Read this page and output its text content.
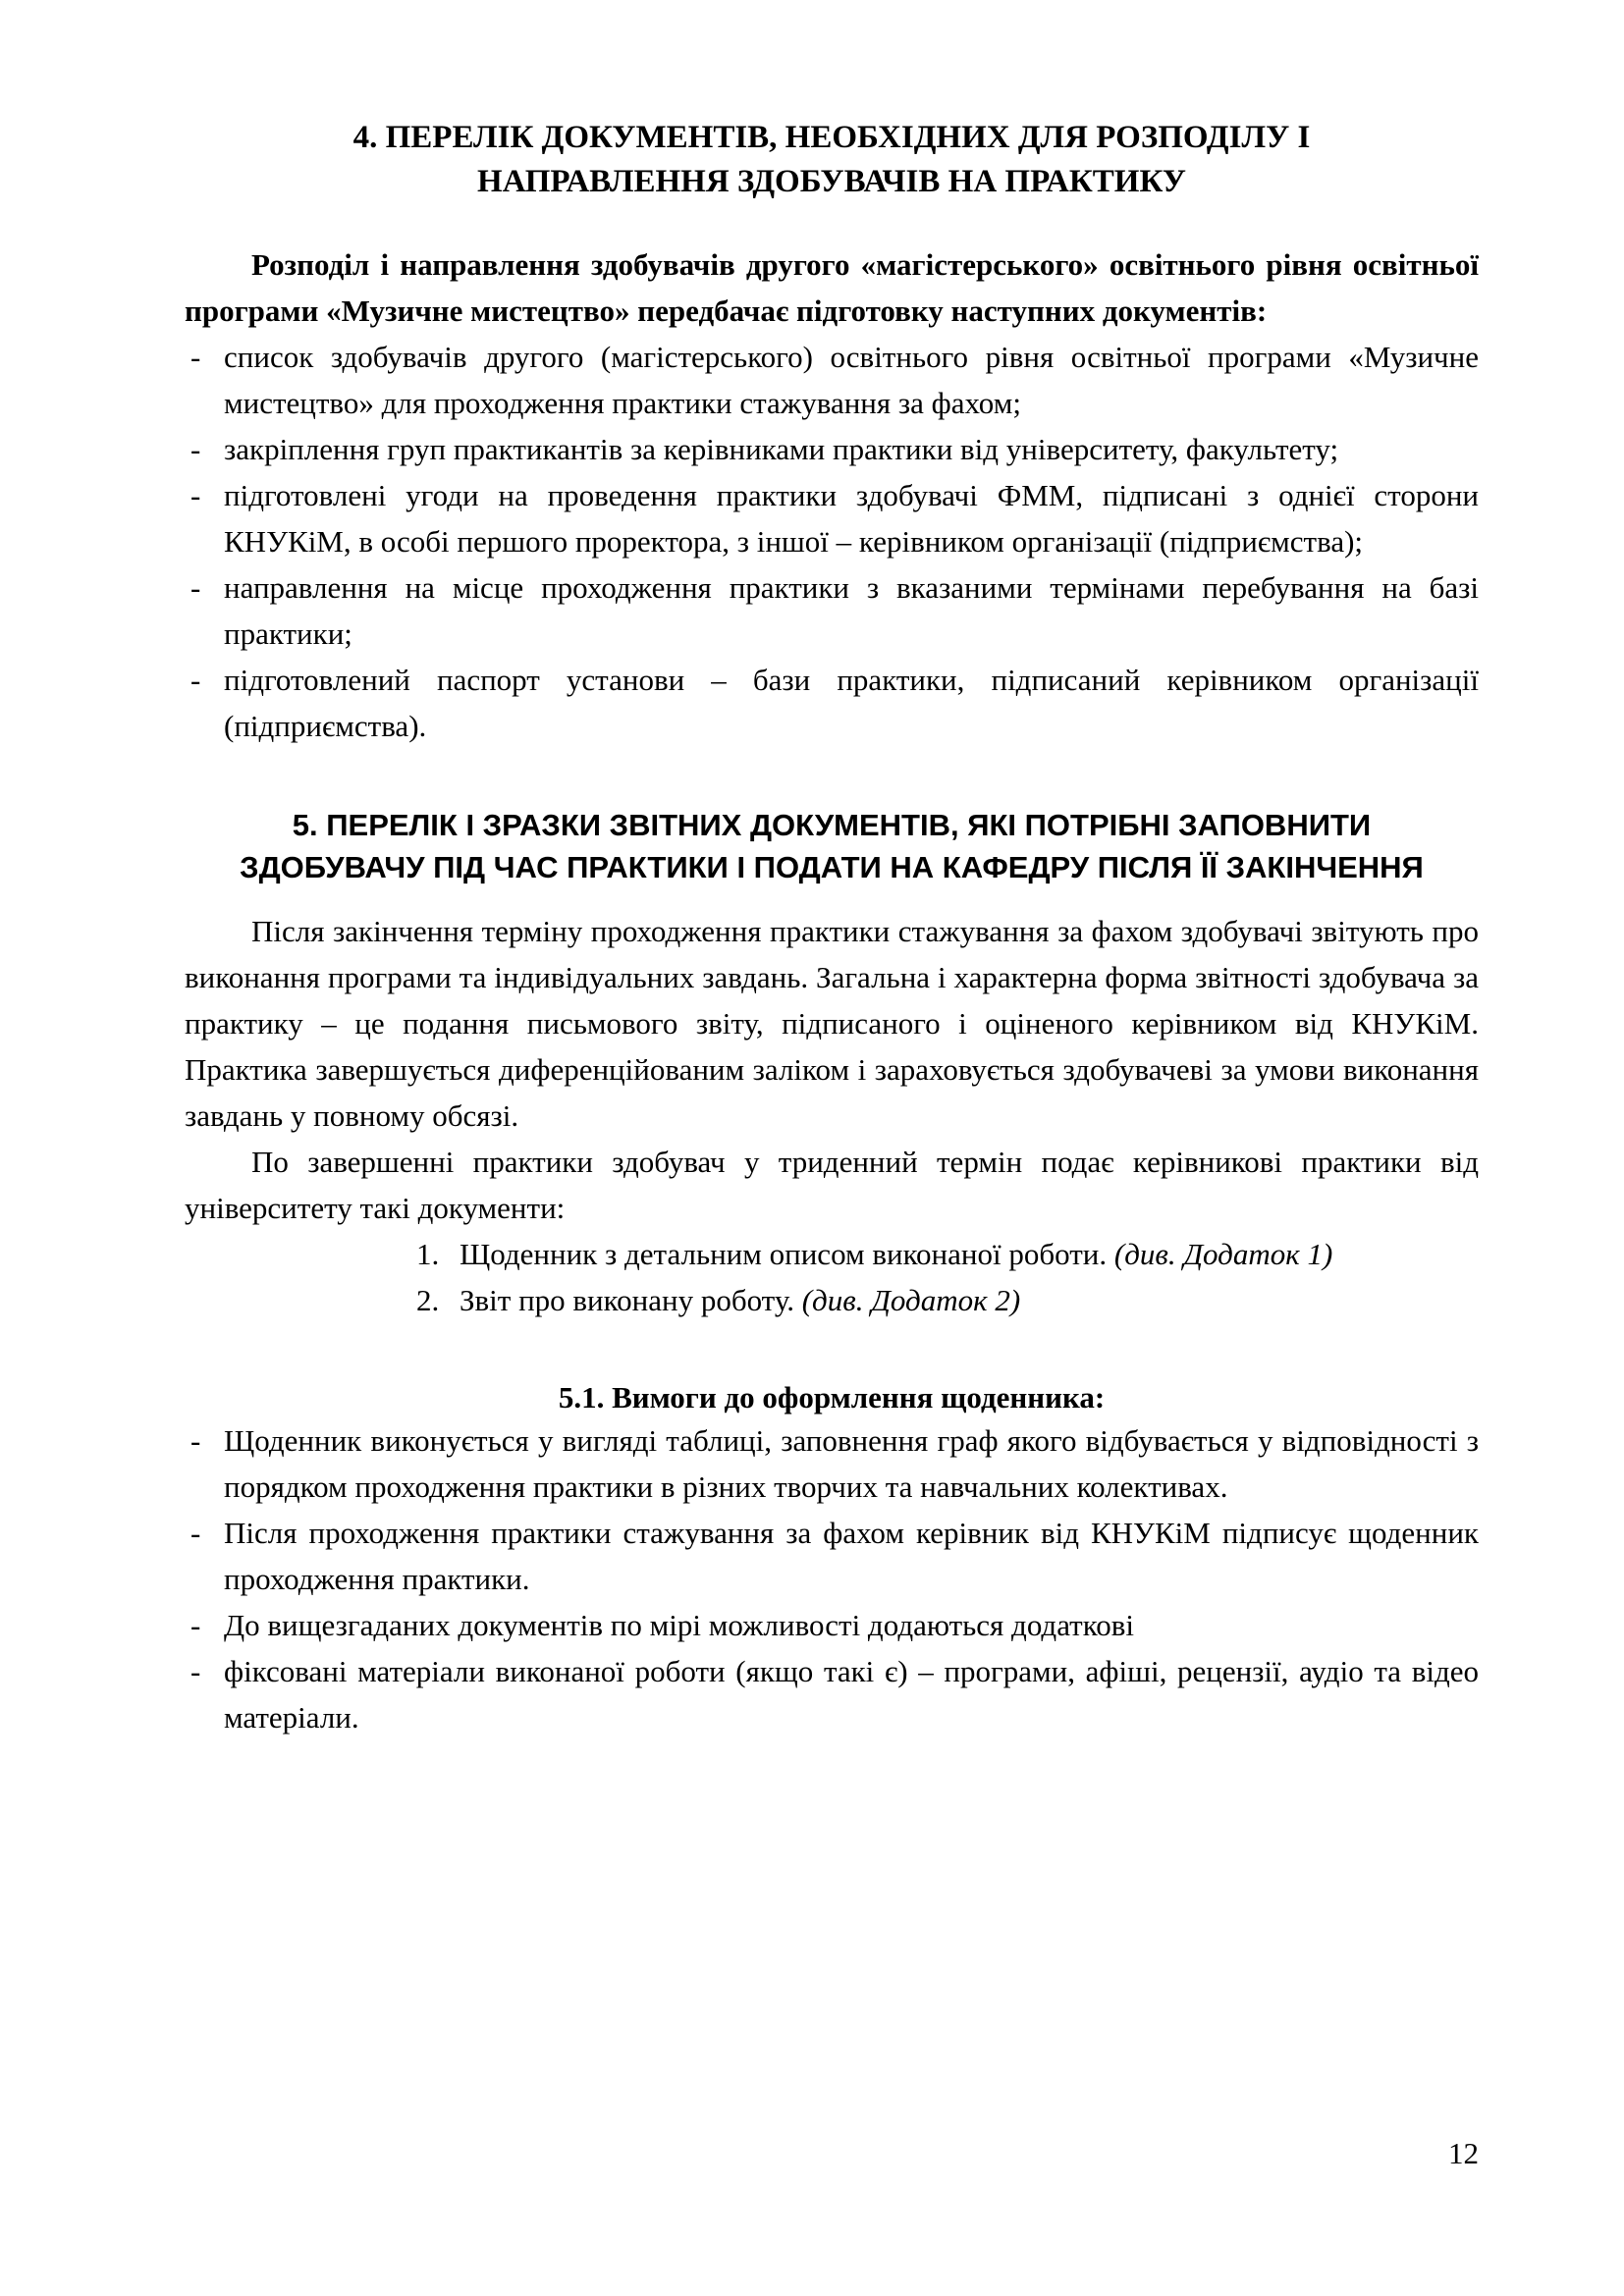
4. ПЕРЕЛІК ДОКУМЕНТІВ, НЕОБХІДНИХ ДЛЯ РОЗПОДІЛУ І НАПРАВЛЕННЯ ЗДОБУВАЧІВ НА ПРАКТИКУ

Розподіл і направлення здобувачів другого «магістерського» освітнього рівня освітньої програми «Музичне мистецтво» передбачає підготовку наступних документів:

- список здобувачів другого (магістерського) освітнього рівня освітньої програми «Музичне мистецтво» для проходження практики стажування за фахом;
- закріплення груп практикантів за керівниками практики від університету, факультету;
- підготовлені угоди на проведення практики здобувачі ФММ, підписані з однієї сторони КНУКіМ, в особі першого проректора, з іншої – керівником організації (підприємства);
- направлення на місце проходження практики з вказаними термінами перебування на базі практики;
- підготовлений паспорт установи – бази практики, підписаний керівником організації (підприємства).
5. ПЕРЕЛІК І ЗРАЗКИ ЗВІТНИХ ДОКУМЕНТІВ, ЯКІ ПОТРІБНІ ЗАПОВНИТИ ЗДОБУВАЧУ ПІД ЧАС ПРАКТИКИ І ПОДАТИ НА КАФЕДРУ ПІСЛЯ ЇЇ ЗАКІНЧЕННЯ

Після закінчення терміну проходження практики стажування за фахом здобувачі звітують про виконання програми та індивідуальних завдань. Загальна і характерна форма звітності здобувача за практику – це подання письмового звіту, підписаного і оціненого керівником від КНУКіМ. Практика завершується диференційованим заліком і зараховується здобувачеві за умови виконання завдань у повному обсязі.

По завершенні практики здобувач у триденний термін подає керівникові практики від університету такі документи:

1. Щоденник з детальним описом виконаної роботи. (див. Додаток 1)
2. Звіт про виконану роботу. (див. Додаток 2)
5.1. Вимоги до оформлення щоденника:
- Щоденник виконується у вигляді таблиці, заповнення граф якого відбувається у відповідності з порядком проходження практики в різних творчих та навчальних колективах.
- Після проходження практики стажування за фахом керівник від КНУКіМ підписує щоденник проходження практики.
- До вищезгаданих документів по мірі можливості додаються додаткові
- фіксовані матеріали виконаної роботи (якщо такі є) – програми, афіші, рецензії, аудіо та відео матеріали.
12
